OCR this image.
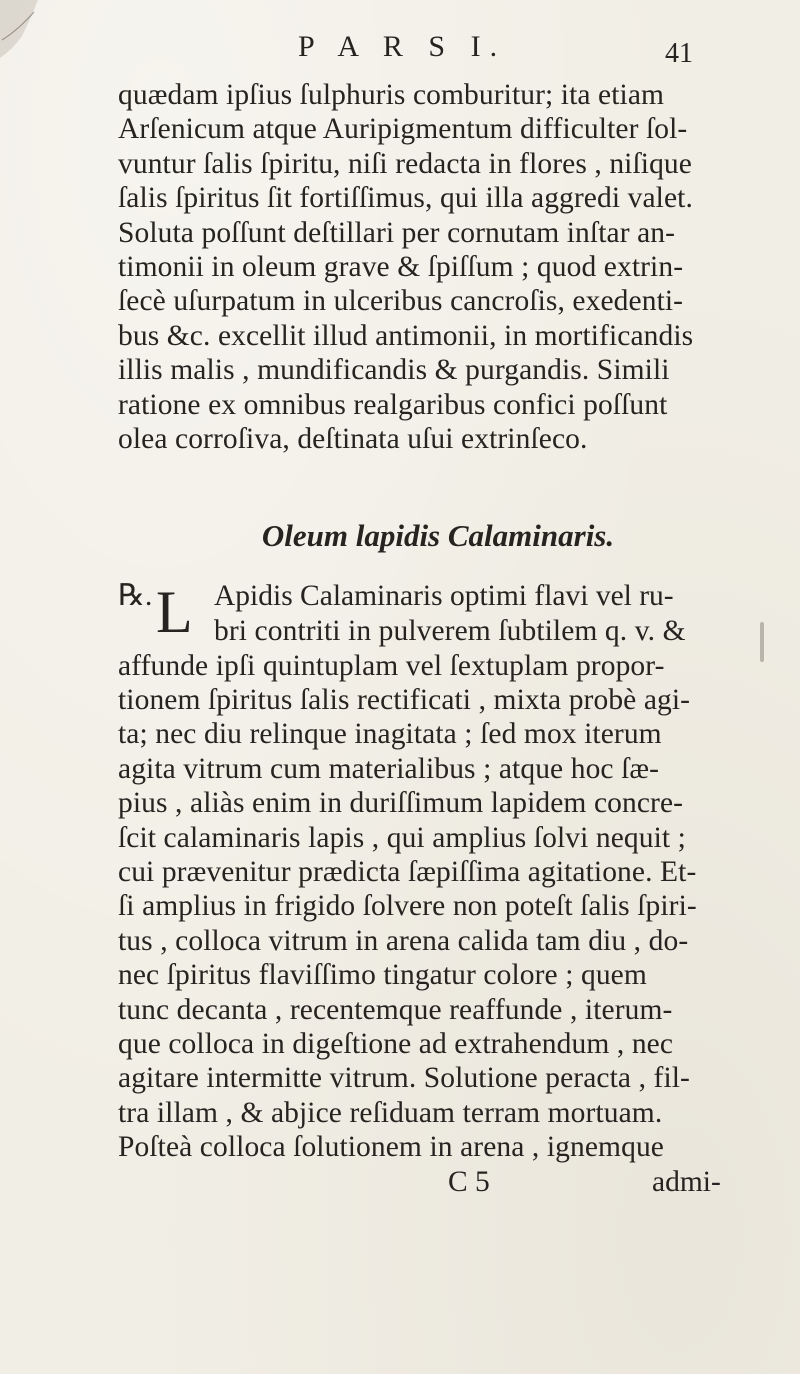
P A R S I.	41
quædam ipſius ſulphuris comburitur; ita etiam
Arſenicum atque Auripigmentum difficulter ſol-
vuntur ſalis ſpiritu, niſi redacta in flores , niſique
ſalis ſpiritus ſit fortiſſimus, qui illa aggredi valet.
Soluta poſſunt deſtillari per cornutam inſtar an-
timonii in oleum grave & ſpiſſum ; quod extrin-
ſecè uſurpatum in ulceribus cancroſis, exedenti-
bus &c. excellit illud antimonii, in mortificandis
illis malis , mundificandis & purgandis. Simili
ratione ex omnibus realgaribus confici poſſunt
olea corroſiva, deſtinata uſui extrinſeco.
Oleum lapidis Calaminaris.
℞. L Apidis Calaminaris optimi flavi vel ru-
bri contriti in pulverem ſubtilem q. v. &
affunde ipſi quintuplam vel ſextuplam propor-
tionem ſpiritus ſalis rectificati , mixta probè agi-
ta; nec diu relinque inagitata ; ſed mox iterum
agita vitrum cum materialibus ; atque hoc ſæ-
pius , aliàs enim in duriſſimum lapidem concre-
ſcit calaminaris lapis , qui amplius ſolvi nequit ;
cui prævenitur prædicta ſæpiſſima agitatione. Et-
ſi amplius in frigido ſolvere non poteſt ſalis ſpiri-
tus , colloca vitrum in arena calida tam diu , do-
nec ſpiritus flaviſſimo tingatur colore ; quem
tunc decanta , recentemque reaffunde , iterum-
que colloca in digeſtione ad extrahendum , nec
agitare intermitte vitrum. Solutione peracta , fil-
tra illam , & abjice reſiduam terram mortuam.
Poſteà colloca ſolutionem in arena , ignemque
C 5	admi-
